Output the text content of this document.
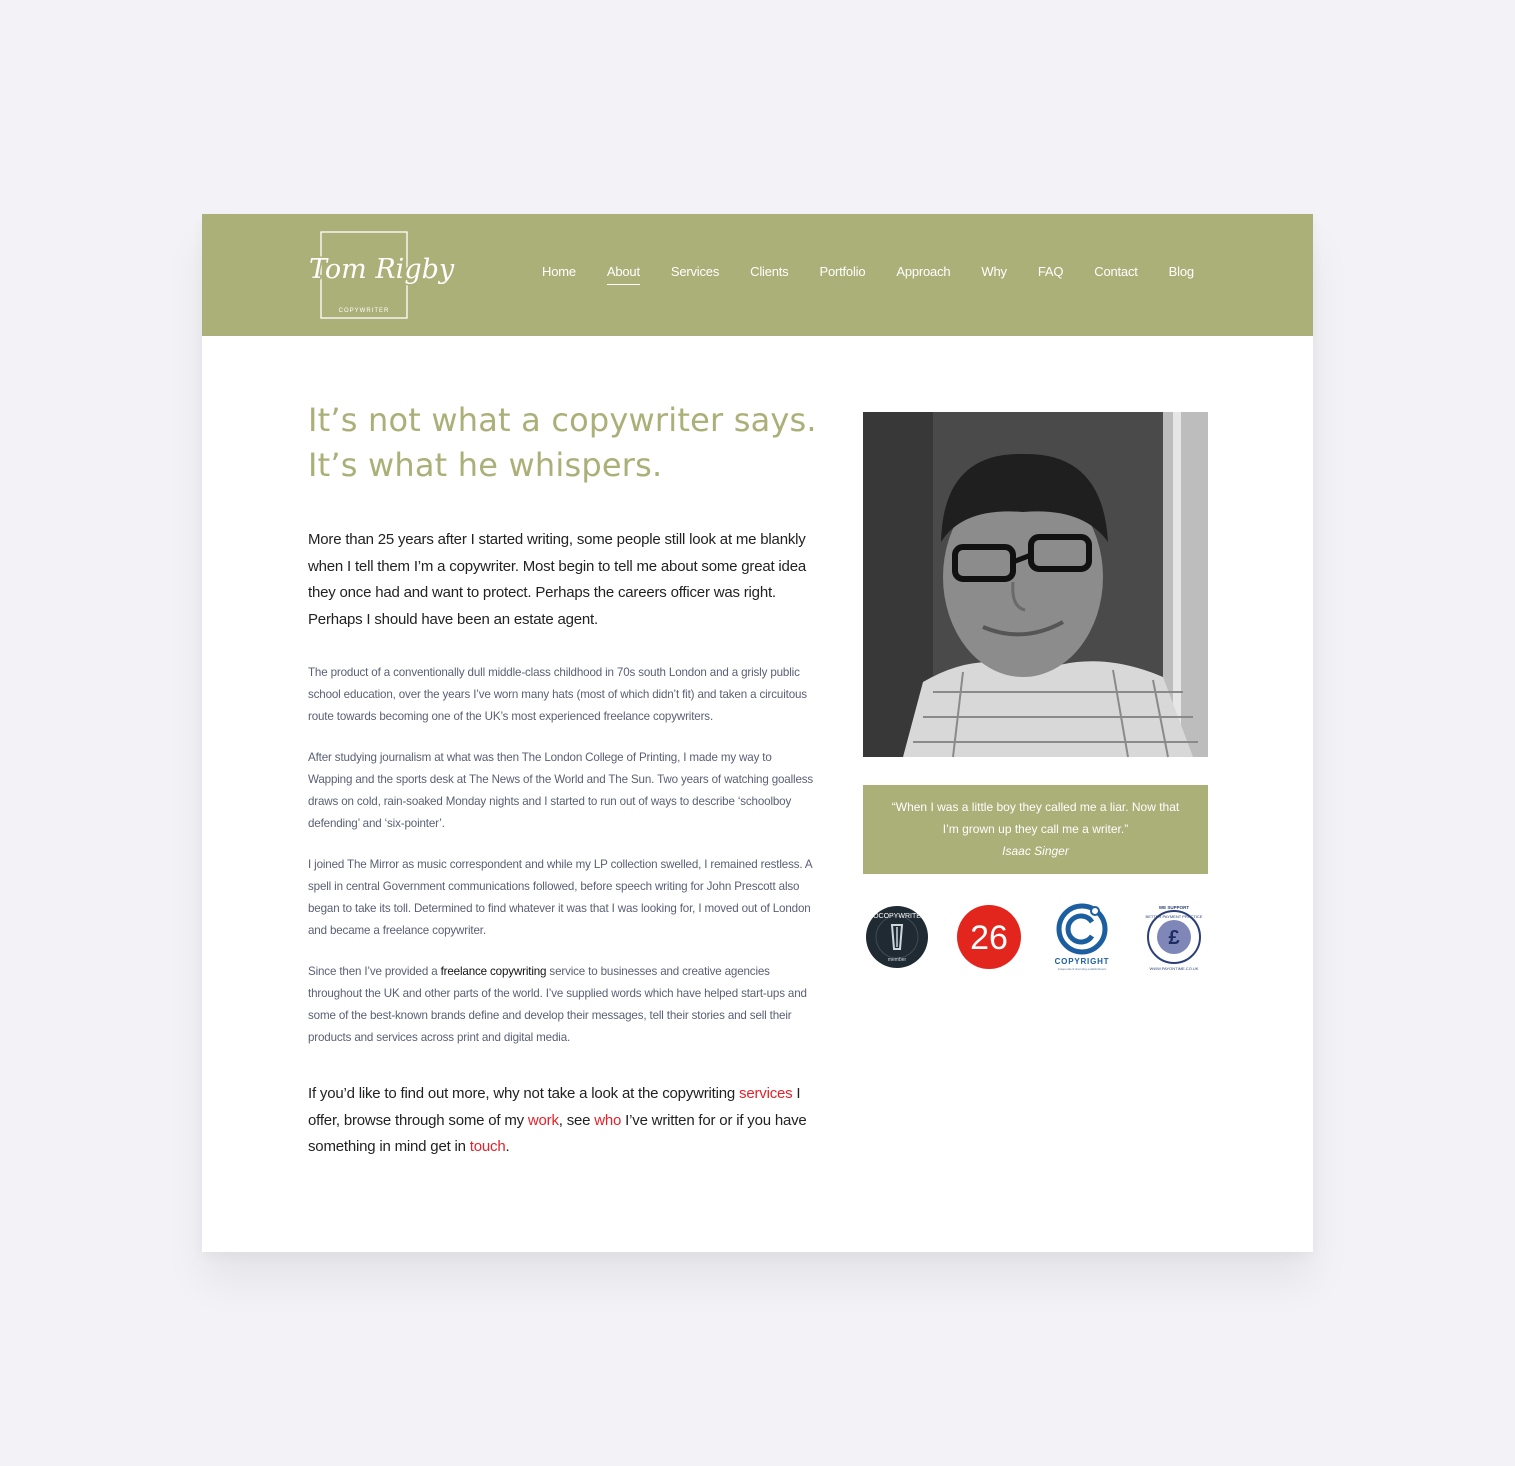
Tom Rigby
COPYWRITER
Home About Services Clients Portfolio Approach Why FAQ Contact Blog
It’s not what a copywriter says.
It’s what he whispers.

More than 25 years after I started writing, some people still look at me blankly when I tell them I’m a copywriter. Most begin to tell me about some great idea they once had and want to protect. Perhaps the careers officer was right. Perhaps I should have been an estate agent.

The product of a conventionally dull middle-class childhood in 70s south London and a grisly public school education, over the years I’ve worn many hats (most of which didn’t fit) and taken a circuitous route towards becoming one of the UK’s most experienced freelance copywriters.

After studying journalism at what was then The London College of Printing, I made my way to Wapping and the sports desk at The News of the World and The Sun. Two years of watching goalless draws on cold, rain-soaked Monday nights and I started to run out of ways to describe ‘schoolboy defending’ and ‘six-pointer’.

I joined The Mirror as music correspondent and while my LP collection swelled, I remained restless. A spell in central Government communications followed, before speech writing for John Prescott also began to take its toll. Determined to find whatever it was that I was looking for, I moved out of London and became a freelance copywriter.

Since then I’ve provided a freelance copywriting service to businesses and creative agencies throughout the UK and other parts of the world. I’ve supplied words which have helped start-ups and some of the best-known brands define and develop their messages, tell their stories and sell their products and services across print and digital media.

If you’d like to find out more, why not take a look at the copywriting services I offer, browse through some of my work, see who I’ve written for or if you have something in mind get in touch.

“When I was a little boy they called me a liar. Now that
I’m grown up they call me a writer.”
Isaac Singer
PROCOPYWRITERS
member
26
COPYRIGHT
independent licensing establishment
WE SUPPORT
£
BETTER PAYMENT PRACTICE
WWW.PAYONTIME.CO.UK
